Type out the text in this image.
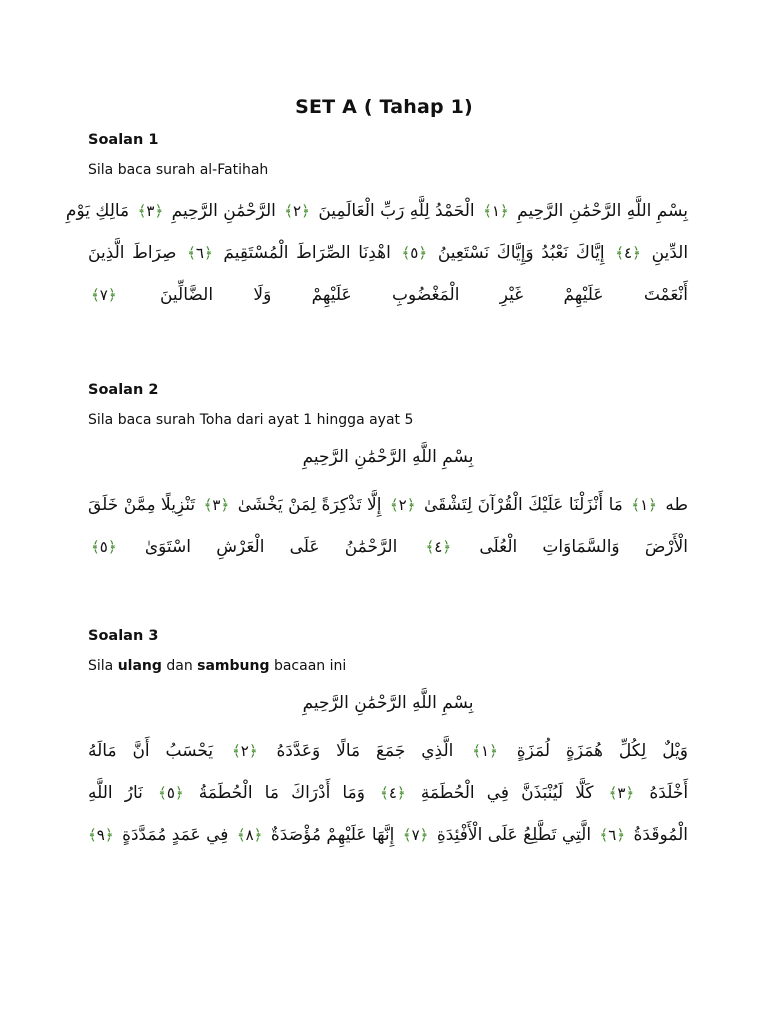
SET A ( Tahap 1)
Soalan 1
Sila baca surah al-Fatihah
بِسْمِ اللَّهِ الرَّحْمَٰنِ الرَّحِيمِ ﴿١﴾ الْحَمْدُ لِلَّهِ رَبِّ الْعَالَمِينَ ﴿٢﴾ الرَّحْمَٰنِ الرَّحِيمِ ﴿٣﴾ مَالِكِ يَوْمِ
الدِّينِ ﴿٤﴾ إِيَّاكَ نَعْبُدُ وَإِيَّاكَ نَسْتَعِينُ ﴿٥﴾ اهْدِنَا الصِّرَاطَ الْمُسْتَقِيمَ ﴿٦﴾ صِرَاطَ الَّذِينَ
أَنْعَمْتَ عَلَيْهِمْ غَيْرِ الْمَغْضُوبِ عَلَيْهِمْ وَلَا الضَّالِّينَ ﴿٧﴾
Soalan 2
Sila baca surah Toha dari ayat 1 hingga ayat 5
بِسْمِ اللَّهِ الرَّحْمَٰنِ الرَّحِيمِ
طه ﴿١﴾ مَا أَنْزَلْنَا عَلَيْكَ الْقُرْآنَ لِتَشْقَىٰ ﴿٢﴾ إِلَّا تَذْكِرَةً لِمَنْ يَخْشَىٰ ﴿٣﴾ تَنْزِيلًا مِمَّنْ خَلَقَ
الْأَرْضَ وَالسَّمَاوَاتِ الْعُلَى ﴿٤﴾ الرَّحْمَٰنُ عَلَى الْعَرْشِ اسْتَوَىٰ ﴿٥﴾
Soalan 3
Sila ulang dan sambung bacaan ini
بِسْمِ اللَّهِ الرَّحْمَٰنِ الرَّحِيمِ
وَيْلٌ لِكُلِّ هُمَزَةٍ لُمَزَةٍ ﴿١﴾ الَّذِي جَمَعَ مَالًا وَعَدَّدَهُ ﴿٢﴾ يَحْسَبُ أَنَّ مَالَهُ
أَخْلَدَهُ ﴿٣﴾ كَلَّا لَيُنْبَذَنَّ فِي الْحُطَمَةِ ﴿٤﴾ وَمَا أَدْرَاكَ مَا الْحُطَمَةُ ﴿٥﴾ نَارُ اللَّهِ
الْمُوقَدَةُ ﴿٦﴾ الَّتِي تَطَّلِعُ عَلَى الْأَفْئِدَةِ ﴿٧﴾ إِنَّهَا عَلَيْهِمْ مُؤْصَدَةٌ ﴿٨﴾ فِي عَمَدٍ مُمَدَّدَةٍ ﴿٩﴾
